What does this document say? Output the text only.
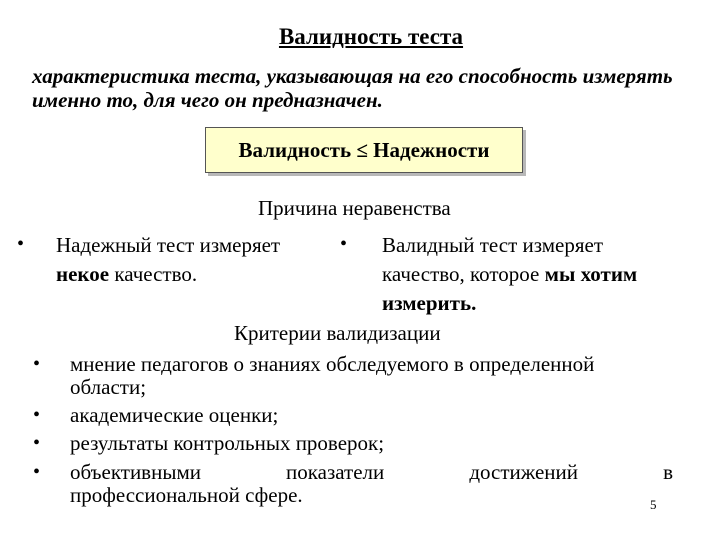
Валидность теста
характеристика теста, указывающая на его способность измерять именно то, для чего он предназначен.
Валидность ≤ Надежности
Причина неравенства
• Надежный тест измеряет
некое качество.
• Валидный тест измеряет качество, которое мы хотим измерить.
Критерии валидизации
• мнение педагогов о знаниях обследуемого в определенной области;
• академические оценки;
• результаты контрольных проверок;
• объективными	показатели	достижений	в
профессиональной сфере.	5
